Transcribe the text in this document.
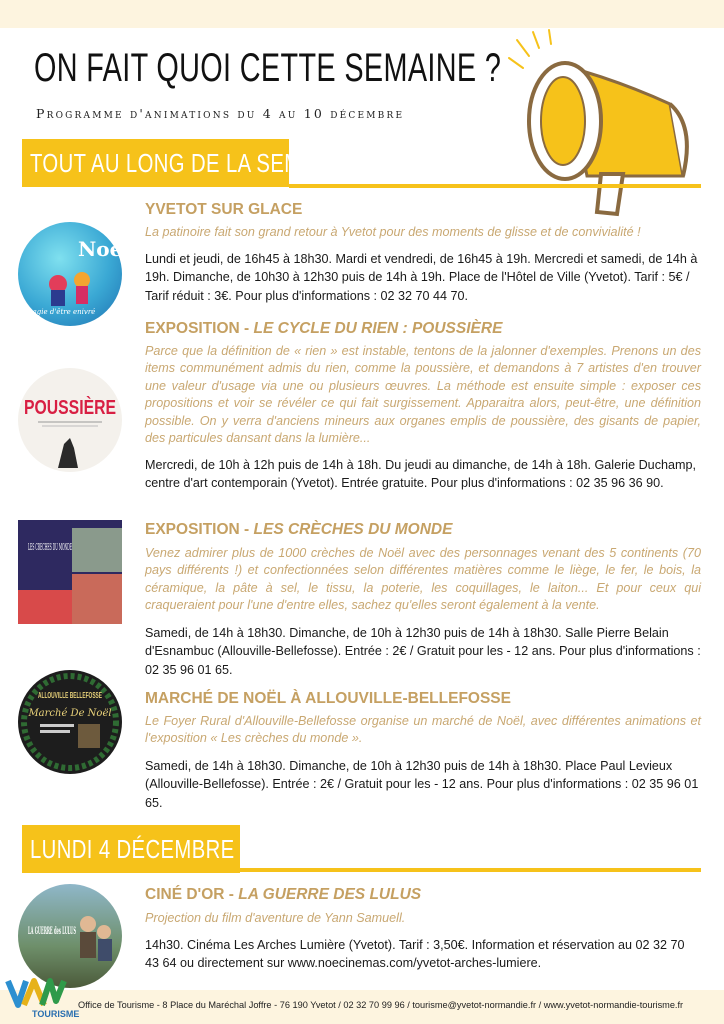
ON FAIT QUOI CETTE SEMAINE ?
Programme d'animations du 4 au 10 décembre
TOUT AU LONG DE LA SEMAINE
Noël
magie d'être enivré
YVETOT SUR GLACE
La patinoire fait son grand retour à Yvetot pour des moments de glisse et de convivialité !
Lundi et jeudi, de 16h45 à 18h30. Mardi et vendredi, de 16h45 à 19h. Mercredi et samedi, de 14h à 19h. Dimanche, de 10h30 à 12h30 puis de 14h à 19h. Place de l'Hôtel de Ville (Yvetot). Tarif : 5€ / Tarif réduit : 3€. Pour plus d'informations : 02 32 70 44 70.
POUSSIÈRE
EXPOSITION - LE CYCLE DU RIEN : POUSSIÈRE
Parce que la définition de « rien » est instable, tentons de la jalonner d'exemples. Prenons un des items communément admis du rien, comme la poussière, et demandons à 7 artistes d'en trouver une valeur d'usage via une ou plusieurs œuvres. La méthode est ensuite simple : exposer ces propositions et voir se révéler ce qui fait surgissement. Apparaitra alors, peut-être, une définition possible. On y verra d'anciens mineurs aux organes emplis de poussière, des gisants de papier, des particules dansant dans la lumière...
Mercredi, de 10h à 12h puis de 14h à 18h. Du jeudi au dimanche, de 14h à 18h. Galerie Duchamp, centre d'art contemporain (Yvetot). Entrée gratuite. Pour plus d'informations : 02 35 96 36 90.
LES CRECHES DU MONDE
EXPOSITION - LES CRÈCHES DU MONDE
Venez admirer plus de 1000 crèches de Noël avec des personnages venant des 5 continents (70 pays différents !) et confectionnées selon différentes matières comme le liège, le fer, le bois, la céramique, la pâte à sel, le tissu, la poterie, les coquillages, le laiton... Et pour ceux qui craqueraient pour l'une d'entre elles, sachez qu'elles seront également à la vente.
Samedi, de 14h à 18h30. Dimanche, de 10h à 12h30 puis de 14h à 18h30. Salle Pierre Belain d'Esnambuc (Allouville-Bellefosse). Entrée : 2€ / Gratuit pour les - 12 ans. Pour plus d'informations : 02 35 96 01 65.
ALLOUVILLE BELLEFOSSE
Marché De Noël
MARCHÉ DE NOËL À ALLOUVILLE-BELLEFOSSE
Le Foyer Rural d'Allouville-Bellefosse organise un marché de Noël, avec différentes animations et l'exposition « Les crèches du monde ».
Samedi, de 14h à 18h30. Dimanche, de 10h à 12h30 puis de 14h à 18h30. Place Paul Levieux (Allouville-Bellefosse). Entrée : 2€ / Gratuit pour les - 12 ans. Pour plus d'informations : 02 35 96 01 65.
LUNDI 4 DÉCEMBRE
LA GUERRE des LULUS
CINÉ D'OR - LA GUERRE DES LULUS
Projection du film d'aventure de Yann Samuell.
14h30. Cinéma Les Arches Lumière (Yvetot). Tarif : 3,50€. Information et réservation au 02 32 70 43 64 ou directement sur www.noecinemas.com/yvetot-arches-lumiere.
TOURISME
Office de Tourisme - 8 Place du Maréchal Joffre - 76 190 Yvetot / 02 32 70 99 96 / tourisme@yvetot-normandie.fr / www.yvetot-normandie-tourisme.fr
